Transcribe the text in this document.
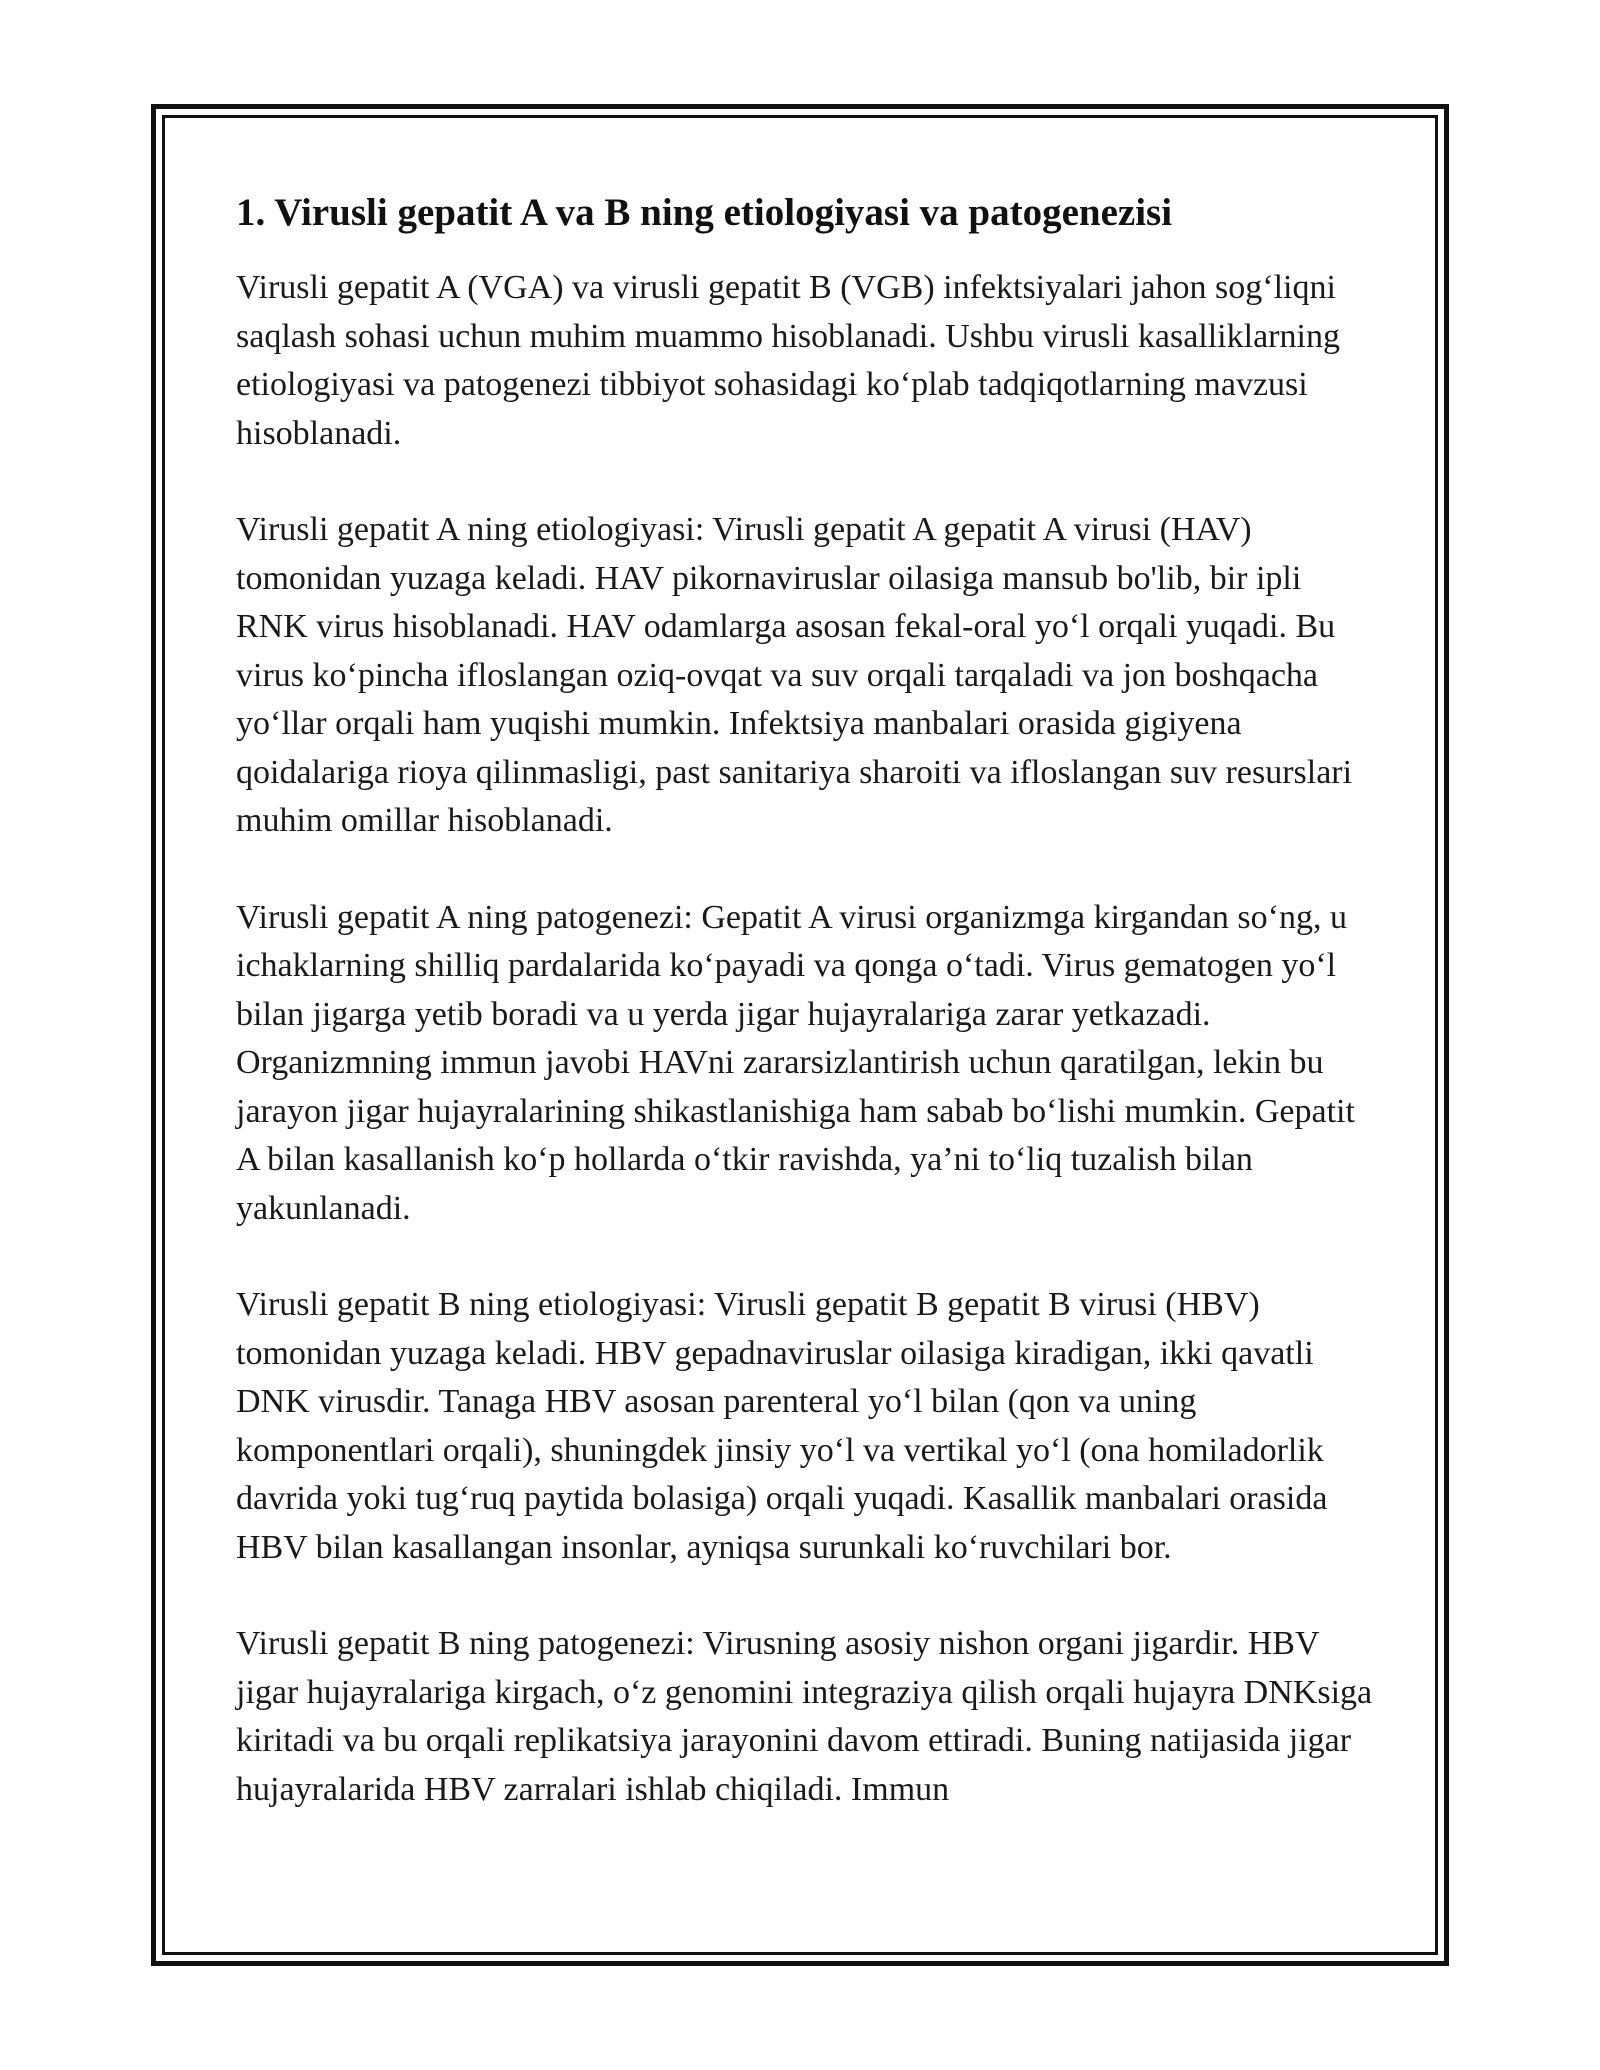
1. Virusli gepatit A va B ning etiologiyasi va patogenezisi

Virusli gepatit A (VGA) va virusli gepatit B (VGB) infektsiyalari jahon sog‘liqni saqlash sohasi uchun muhim muammo hisoblanadi. Ushbu virusli kasalliklarning etiologiyasi va patogenezi tibbiyot sohasidagi ko‘plab tadqiqotlarning mavzusi hisoblanadi.

Virusli gepatit A ning etiologiyasi: Virusli gepatit A gepatit A virusi (HAV) tomonidan yuzaga keladi. HAV pikornaviruslar oilasiga mansub bo'lib, bir ipli RNK virus hisoblanadi. HAV odamlarga asosan fekal-oral yo‘l orqali yuqadi. Bu virus ko‘pincha ifloslangan oziq-ovqat va suv orqali tarqaladi va jon boshqacha yo‘llar orqali ham yuqishi mumkin. Infektsiya manbalari orasida gigiyena qoidalariga rioya qilinmasligi, past sanitariya sharoiti va ifloslangan suv resurslari muhim omillar hisoblanadi.

Virusli gepatit A ning patogenezi: Gepatit A virusi organizmga kirgandan so‘ng, u ichaklarning shilliq pardalarida ko‘payadi va qonga o‘tadi. Virus gematogen yo‘l bilan jigarga yetib boradi va u yerda jigar hujayralariga zarar yetkazadi. Organizmning immun javobi HAVni zararsizlantirish uchun qaratilgan, lekin bu jarayon jigar hujayralarining shikastlanishiga ham sabab bo‘lishi mumkin. Gepatit A bilan kasallanish ko‘p hollarda o‘tkir ravishda, ya’ni to‘liq tuzalish bilan yakunlanadi.

Virusli gepatit B ning etiologiyasi: Virusli gepatit B gepatit B virusi (HBV) tomonidan yuzaga keladi. HBV gepadnaviruslar oilasiga kiradigan, ikki qavatli DNK virusdir. Tanaga HBV asosan parenteral yo‘l bilan (qon va uning komponentlari orqali), shuningdek jinsiy yo‘l va vertikal yo‘l (ona homiladorlik davrida yoki tug‘ruq paytida bolasiga) orqali yuqadi. Kasallik manbalari orasida HBV bilan kasallangan insonlar, ayniqsa surunkali ko‘ruvchilari bor.

Virusli gepatit B ning patogenezi: Virusning asosiy nishon organi jigardir. HBV jigar hujayralariga kirgach, o‘z genomini integraziya qilish orqali hujayra DNKsiga kiritadi va bu orqali replikatsiya jarayonini davom ettiradi. Buning natijasida jigar hujayralarida HBV zarralari ishlab chiqiladi. Immun
